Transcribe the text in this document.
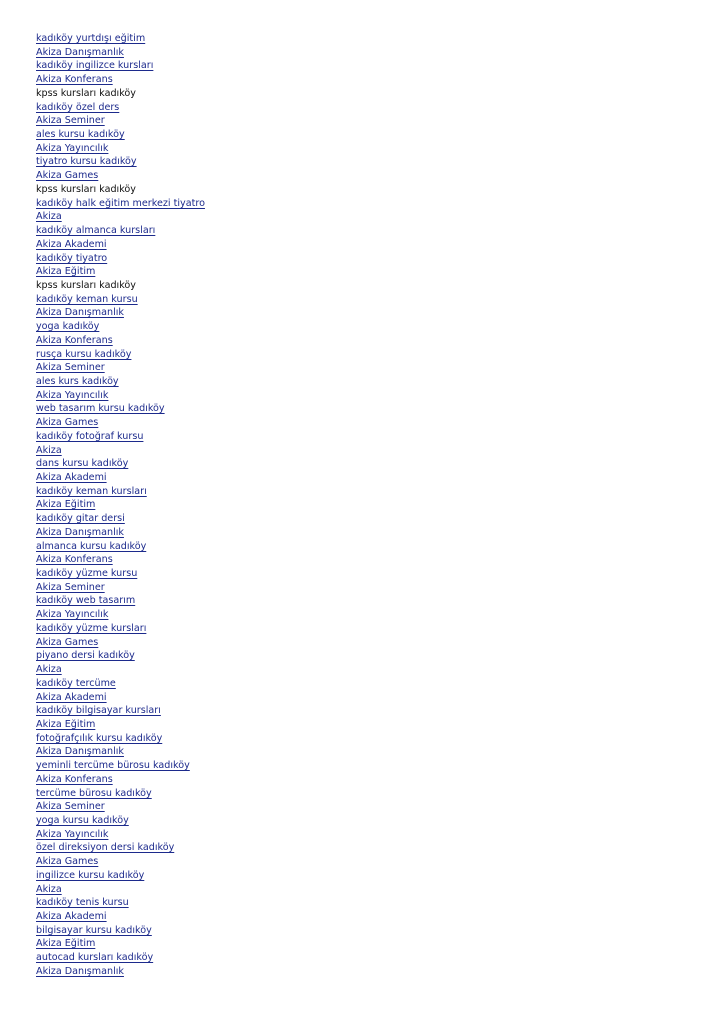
kadıköy yurtdışı eğitim
Akiza Danışmanlık
kadıköy ingilizce kursları
Akiza Konferans
kpss kursları kadıköy
kadıköy özel ders
Akiza Seminer
ales kursu kadıköy
Akiza Yayıncılık
tiyatro kursu kadıköy
Akiza Games
kpss kursları kadıköy
kadıköy halk eğitim merkezi tiyatro
Akiza
kadıköy almanca kursları
Akiza Akademi
kadıköy tiyatro
Akiza Eğitim
kpss kursları kadıköy
kadıköy keman kursu
Akiza Danışmanlık
yoga kadıköy
Akiza Konferans
rusça kursu kadıköy
Akiza Seminer
ales kurs kadıköy
Akiza Yayıncılık
web tasarım kursu kadıköy
Akiza Games
kadıköy fotoğraf kursu
Akiza
dans kursu kadıköy
Akiza Akademi
kadıköy keman kursları
Akiza Eğitim
kadıköy gitar dersi
Akiza Danışmanlık
almanca kursu kadıköy
Akiza Konferans
kadıköy yüzme kursu
Akiza Seminer
kadıköy web tasarım
Akiza Yayıncılık
kadıköy yüzme kursları
Akiza Games
piyano dersi kadıköy
Akiza
kadıköy tercüme
Akiza Akademi
kadıköy bilgisayar kursları
Akiza Eğitim
fotoğrafçılık kursu kadıköy
Akiza Danışmanlık
yeminli tercüme bürosu kadıköy
Akiza Konferans
tercüme bürosu kadıköy
Akiza Seminer
yoga kursu kadıköy
Akiza Yayıncılık
özel direksiyon dersi kadıköy
Akiza Games
ingilizce kursu kadıköy
Akiza
kadıköy tenis kursu
Akiza Akademi
bilgisayar kursu kadıköy
Akiza Eğitim
autocad kursları kadıköy
Akiza Danışmanlık
